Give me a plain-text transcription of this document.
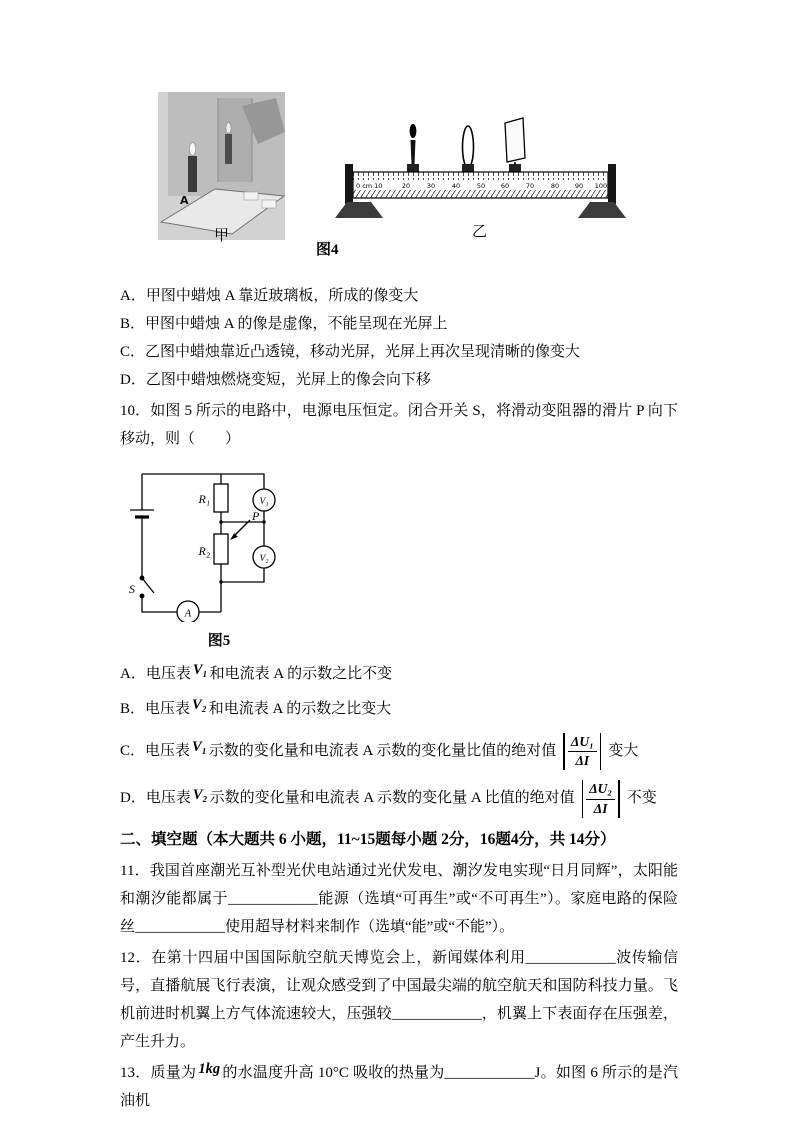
A
0 cm 10	20	30	40	50 60	70	80 90 100
甲
图4
乙
A．甲图中蜡烛 A 靠近玻璃板，所成的像变大
B．甲图中蜡烛 A 的像是虚像，不能呈现在光屏上
C．乙图中蜡烛靠近凸透镜，移动光屏，光屏上再次呈现清晰的像变大
D．乙图中蜡烛燃烧变短，光屏上的像会向下移
10．如图 5 所示的电路中，电源电压恒定。闭合开关 S，将滑动变阻器的滑片 P 向下移动，则（　　）
R₁
R₂
P
S
V₁
V₂
A
图5
A．电压表 V₁ 和电流表 A 的示数之比不变
B．电压表 V₂ 和电流表 A 的示数之比变大
C．电压表 V₁ 示数的变化量和电流表 A 示数的变化量比值的绝对值 $\frac{\text{ΔU₁}}{\Delta I}$ 变大
D．电压表 V₂ 示数的变化量和电流表 A 示数的变化量 A 比值的绝对值 $\frac{\text{ΔU₂}}{\Delta I}$ 不变
二、填空题（本大题共 6 小题，11~15题每小题 2分，16题4分，共 14分）
11．我国首座潮光互补型光伏电站通过光伏发电、潮汐发电实现“日月同辉”，太阳能和潮汐能都属于____________能源（选填“可再生”或“不可再生”）。家庭电路的保险丝____________使用超导材料来制作（选填“能”或“不能”）。
12．在第十四届中国国际航空航天博览会上，新闻媒体利用____________波传输信号，直播航展飞行表演，让观众感受到了中国最尖端的航空航天和国防科技力量。飞机前进时机翼上方气体流速较大，压强较____________，机翼上下表面存在压强差，产生升力。
13．质量为 1kg 的水温度升高 10°C 吸收的热量为____________J。如图 6 所示的是汽油机
